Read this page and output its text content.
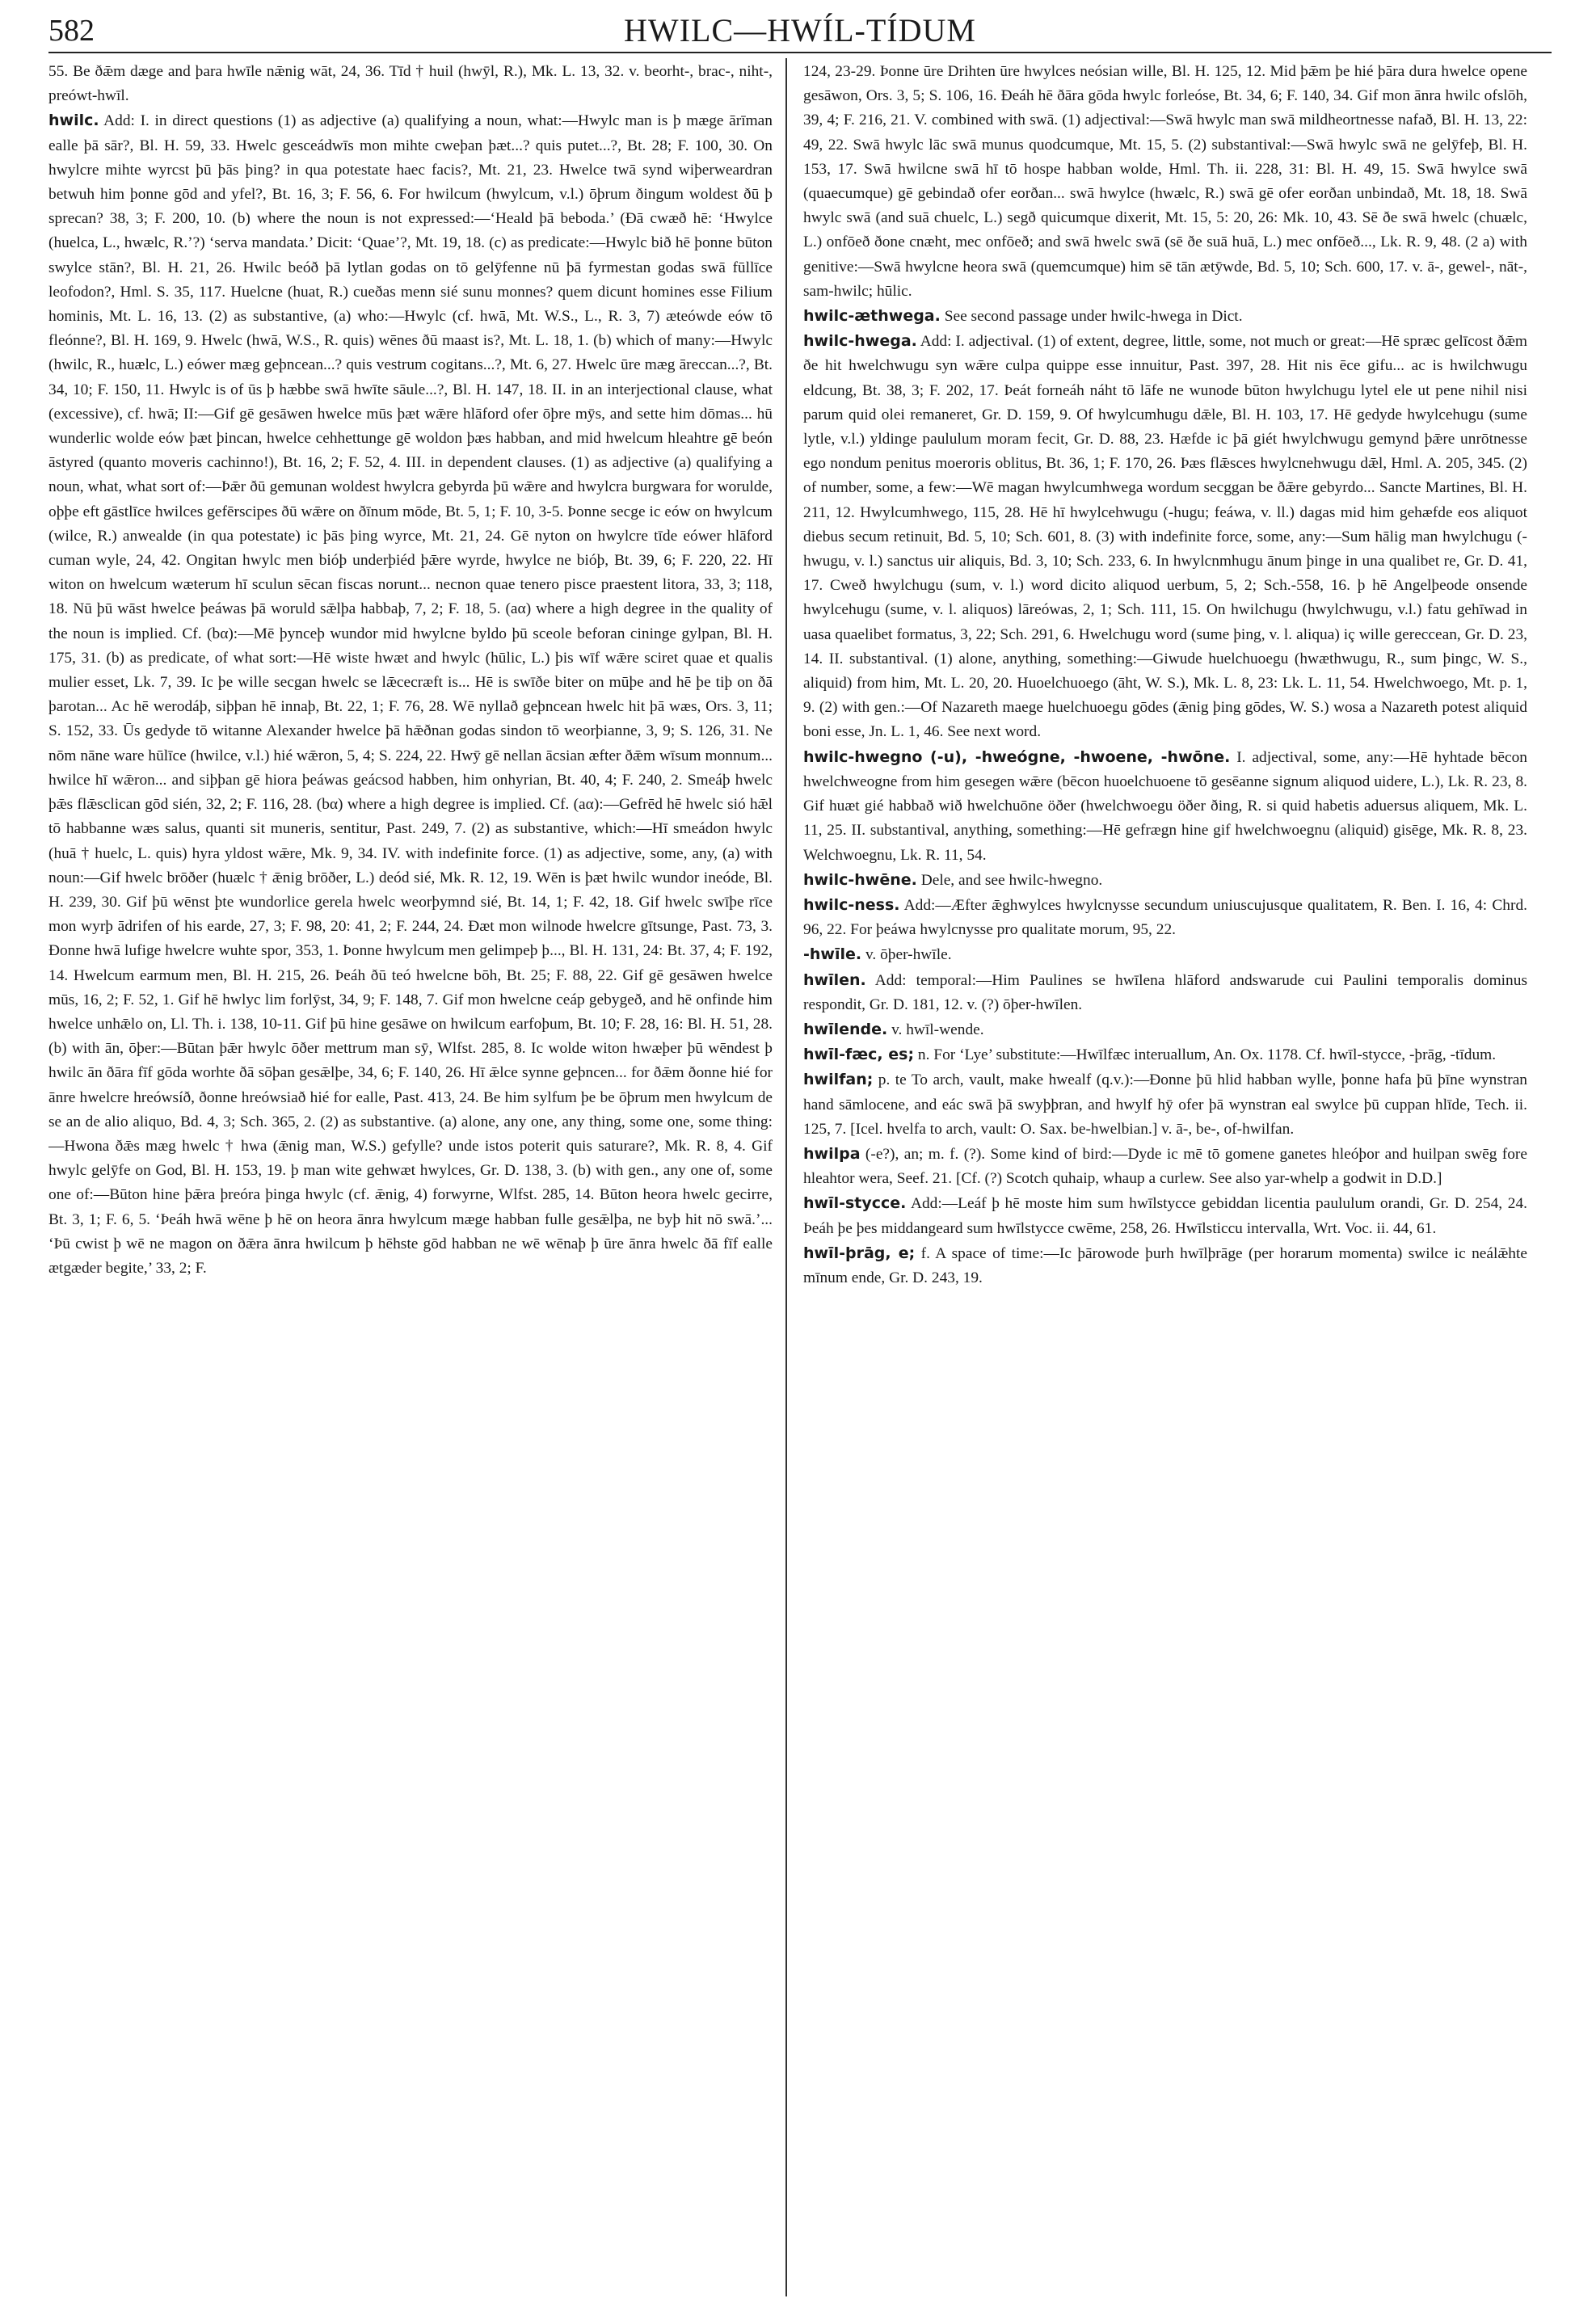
582	HWILC—HWÍL-TÍDUM

55. Be ðǣm dæge and þara hwīle nǣnig wāt, 24, 36. Tīd † huil (hwȳl, R.), Mk. L. 13, 32. v. beorht-, brac-, niht-, preówt-hwīl.

hwilc. Add: I. in direct questions (1) as adjective (a) qualifying a noun, what:—Hwylc man is þ mæge ārīman ealle þā sār?, Bl. H. 59, 33. Hwelc gesceádwīs mon mihte cweþan þæt...? quis putet...?, Bt. 28; F. 100, 30. On hwylcre mihte wyrcst þū þās þing? in qua potestate haec facis?, Mt. 21, 23. Hwelce twā synd wiþerweardran betwuh him þonne gōd and yfel?, Bt. 16, 3; F. 56, 6. For hwilcum (hwylcum, v.l.) ōþrum ðingum woldest ðū þ sprecan? 38, 3; F. 200, 10. (b) where the noun is not expressed:—‘Heald þā beboda.’ (Ðā cwæð hē: ‘Hwylce (huelca, L., hwælc, R.’?) ‘serva mandata.’ Dicit: ‘Quae’?, Mt. 19, 18. (c) as predicate:—Hwylc bið hē þonne būton swylce stān?, Bl. H. 21, 26. Hwilc beóð þā lytlan godas on tō gelȳfenne nū þā fyrmestan godas swā fūllīce leofodon?, Hml. S. 35, 117. Huelcne (huat, R.) cueðas menn sié sunu monnes? quem dicunt homines esse Filium hominis, Mt. L. 16, 13. (2) as substantive, (a) who:—Hwylc (cf. hwā, Mt. W.S., L., R. 3, 7) æteówde eów tō fleónne?, Bl. H. 169, 9. Hwelc (hwā, W.S., R. quis) wēnes ðū maast is?, Mt. L. 18, 1. (b) which of many:—Hwylc (hwilc, R., huælc, L.) eówer mæg geþncean...? quis vestrum cogitans...?, Mt. 6, 27. Hwelc ūre mæg āreccan...?, Bt. 34, 10; F. 150, 11. Hwylc is of ūs þ hæbbe swā hwīte sāule...?, Bl. H. 147, 18. II. in an interjectional clause, what (excessive), cf. hwā; II:—Gif gē gesāwen hwelce mūs þæt wǣre hlāford ofer ōþre mȳs, and sette him dōmas... hū wunderlic wolde eów þæt þincan, hwelce cehhettunge gē woldon þæs habban, and mid hwelcum hleahtre gē beón āstyred (quanto moveris cachinno!), Bt. 16, 2; F. 52, 4. III. in dependent clauses. (1) as adjective (a) qualifying a noun, what, what sort of:—Þǣr ðū gemunan woldest hwylcra gebyrda þū wǣre and hwylcra burgwara for worulde, oþþe eft gāstlīce hwilces gefērscipes ðū wǣre on ðīnum mōde, Bt. 5, 1; F. 10, 3-5. Þonne secge ic eów on hwylcum (wilce, R.) anwealde (in qua potestate) ic þās þing wyrce, Mt. 21, 24. Gē nyton on hwylcre tīde eówer hlāford cuman wyle, 24, 42. Ongitan hwylc men bióþ underþiéd þǣre wyrde, hwylce ne bióþ, Bt. 39, 6; F. 220, 22. Hī witon on hwelcum wæterum hī sculun sēcan fiscas norunt... necnon quae tenero pisce praestent litora, 33, 3; 118, 18. Nū þū wāst hwelce þeáwas þā woruld sǣlþa habbaþ, 7, 2; F. 18, 5. (aα) where a high degree in the quality of the noun is implied. Cf. (bα):—Mē þynceþ wundor mid hwylcne byldo þū sceole beforan cininge gylpan, Bl. H. 175, 31. (b) as predicate, of what sort:—Hē wiste hwæt and hwylc (hūlic, L.) þis wīf wǣre sciret quae et qualis mulier esset, Lk. 7, 39. Ic þe wille secgan hwelc se lǣcecræft is... Hē is swīðe biter on mūþe and hē þe tiþ on ðā þarotan... Ac hē werodáþ, siþþan hē innaþ, Bt. 22, 1; F. 76, 28. Wē nyllað geþncean hwelc hit þā wæs, Ors. 3, 11; S. 152, 33. Ūs gedyde tō witanne Alexander hwelce þā hǣðnan godas sindon tō weorþianne, 3, 9; S. 126, 31. Ne nōm nāne ware hūlīce (hwilce, v.l.) hié wǣron, 5, 4; S. 224, 22. Hwȳ gē nellan ācsian æfter ðǣm wīsum monnum... hwilce hī wǣron... and siþþan gē hiora þeáwas geácsod habben, him onhyrian, Bt. 40, 4; F. 240, 2. Smeáþ hwelc þǣs flǣsclican gōd sién, 32, 2; F. 116, 28. (bα) where a high degree is implied. Cf. (aα):—Gefrēd hē hwelc sió hǣl tō habbanne wæs salus, quanti sit muneris, sentitur, Past. 249, 7. (2) as substantive, which:—Hī smeádon hwylc (huā † huelc, L. quis) hyra yldost wǣre, Mk. 9, 34. IV. with indefinite force. (1) as adjective, some, any, (a) with noun:—Gif hwelc brōðer (huælc † ǣnig brōðer, L.) deód sié, Mk. R. 12, 19. Wēn is þæt hwilc wundor ineóde, Bl. H. 239, 30. Gif þū wēnst þte wundorlice gerela hwelc weorþymnd sié, Bt. 14, 1; F. 42, 18. Gif hwelc swīþe rīce mon wyrþ ādrifen of his earde, 27, 3; F. 98, 20: 41, 2; F. 244, 24. Ðæt mon wilnode hwelcre gītsunge, Past. 73, 3. Ðonne hwā lufige hwelcre wuhte spor, 353, 1. Þonne hwylcum men gelimpeþ þ..., Bl. H. 131, 24: Bt. 37, 4; F. 192, 14. Hwelcum earmum men, Bl. H. 215, 26. Þeáh ðū teó hwelcne bōh, Bt. 25; F. 88, 22. Gif gē gesāwen hwelce mūs, 16, 2; F. 52, 1. Gif hē hwlyc lim forlȳst, 34, 9; F. 148, 7. Gif mon hwelcne ceáp gebygeð, and hē onfinde him hwelce unhǣlo on, Ll. Th. i. 138, 10-11. Gif þū hine gesāwe on hwilcum earfoþum, Bt. 10; F. 28, 16: Bl. H. 51, 28. (b) with ān, ōþer:—Būtan þǣr hwylc ōðer mettrum man sȳ, Wlfst. 285, 8. Ic wolde witon hwæþer þū wēndest þ hwilc ān ðāra fīf gōda worhte ðā sōþan gesǣlþe, 34, 6; F. 140, 26. Hī ǣlce synne geþncen... for ðǣm ðonne hié for ānre hwelcre hreówsíð, ðonne hreówsiað hié for ealle, Past. 413, 24. Be him sylfum þe be ōþrum men hwylcum de se an de alio aliquo, Bd. 4, 3; Sch. 365, 2. (2) as substantive. (a) alone, any one, any thing, some one, some thing:—Hwona ðǣs mæg hwelc † hwa (ǣnig man, W.S.) gefylle? unde istos poterit quis saturare?, Mk. R. 8, 4. Gif hwylc gelȳfe on God, Bl. H. 153, 19. þ man wite gehwæt hwylces, Gr. D. 138, 3. (b) with gen., any one of, some one of:—Būton hine þǣra þreóra þinga hwylc (cf. ǣnig, 4) forwyrne, Wlfst. 285, 14. Būton heora hwelc gecirre, Bt. 3, 1; F. 6, 5. ‘Þeáh hwā wēne þ hē on heora ānra hwylcum mæge habban fulle gesǣlþa, ne byþ hit nō swā.’... ‘Þū cwist þ wē ne magon on ðǣra ānra hwilcum þ hēhste gōd habban ne wē wēnaþ þ ūre ānra hwelc ðā fīf ealle ætgæder begite,’ 33, 2; F.

124, 23-29. Þonne ūre Drihten ūre hwylces neósian wille, Bl. H. 125, 12. Mid þǣm þe hié þāra dura hwelce opene gesāwon, Ors. 3, 5; S. 106, 16. Ðeáh hē ðāra gōda hwylc forleóse, Bt. 34, 6; F. 140, 34. Gif mon ānra hwilc ofslōh, 39, 4; F. 216, 21. V. combined with swā. (1) adjectival:—Swā hwylc man swā mildheortnesse nafað, Bl. H. 13, 22: 49, 22. Swā hwylc lāc swā munus quodcumque, Mt. 15, 5. (2) substantival:—Swā hwylc swā ne gelȳfeþ, Bl. H. 153, 17. Swā hwilcne swā hī tō hospe habban wolde, Hml. Th. ii. 228, 31: Bl. H. 49, 15. Swā hwylce swā (quaecumque) gē gebindað ofer eorðan... swā hwylce (hwælc, R.) swā gē ofer eorðan unbindað, Mt. 18, 18. Swā hwylc swā (and suā chuelc, L.) segð quicumque dixerit, Mt. 15, 5: 20, 26: Mk. 10, 43. Sē ðe swā hwelc (chuælc, L.) onfōeð ðone cnæht, mec onfōeð; and swā hwelc swā (sē ðe suā huā, L.) mec onfōeð..., Lk. R. 9, 48. (2 a) with genitive:—Swā hwylcne heora swā (quemcumque) him sē tān ætȳwde, Bd. 5, 10; Sch. 600, 17. v. ā-, gewel-, nāt-, sam-hwilc; hūlic.

hwilc-æthwega. See second passage under hwilc-hwega in Dict.

hwilc-hwega. Add: I. adjectival. (1) of extent, degree, little, some, not much or great:—Hē spræc gelīcost ðǣm ðe hit hwelchwugu syn wǣre culpa quippe esse innuitur, Past. 397, 28. Hit nis ēce gifu... ac is hwilchwugu eldcung, Bt. 38, 3; F. 202, 17. Þeát forneáh náht tō lāfe ne wunode būton hwylchugu lytel ele ut pene nihil nisi parum quid olei remaneret, Gr. D. 159, 9. Of hwylcumhugu dǣle, Bl. H. 103, 17. Hē gedyde hwylcehugu (sume lytle, v.l.) yldinge paululum moram fecit, Gr. D. 88, 23. Hæfde ic þā giét hwylchwugu gemynd þǣre unrōtnesse ego nondum penitus moeroris oblitus, Bt. 36, 1; F. 170, 26. Þæs flǣsces hwylcnehwugu dǣl, Hml. A. 205, 345. (2) of number, some, a few:—Wē magan hwylcumhwega wordum secggan be ðǣre gebyrdo... Sancte Martines, Bl. H. 211, 12. Hwylcumhwego, 115, 28. Hē hī hwylcehwugu (-hugu; feáwa, v. ll.) dagas mid him gehæfde eos aliquot diebus secum retinuit, Bd. 5, 10; Sch. 601, 8. (3) with indefinite force, some, any:—Sum hālig man hwylchugu (-hwugu, v. l.) sanctus uir aliquis, Bd. 3, 10; Sch. 233, 6. In hwylcnmhugu ānum þinge in una qualibet re, Gr. D. 41, 17. Cweð hwylchugu (sum, v. l.) word dicito aliquod uerbum, 5, 2; Sch.-558, 16. þ hē Angelþeode onsende hwylcehugu (sume, v. l. aliquos) lāreówas, 2, 1; Sch. 111, 15. On hwilchugu (hwylchwugu, v.l.) fatu gehīwad in uasa quaelibet formatus, 3, 22; Sch. 291, 6. Hwelchugu word (sume þing, v. l. aliqua) iç wille gereccean, Gr. D. 23, 14. II. substantival. (1) alone, anything, something:—Giwude huelchuoegu (hwæthwugu, R., sum þingc, W. S., aliquid) from him, Mt. L. 20, 20. Huoelchuoego (āht, W. S.), Mk. L. 8, 23: Lk. L. 11, 54. Hwelchwoego, Mt. p. 1, 9. (2) with gen.:—Of Nazareth maege huelchuoegu gōdes (ǣnig þing gōdes, W. S.) wosa a Nazareth potest aliquid boni esse, Jn. L. 1, 46. See next word.

hwilc-hwegno (-u), -hweógne, -hwoene, -hwōne. I. adjectival, some, any:—Hē hyhtade bēcon hwelchweogne from him gesegen wǣre (bēcon huoelchuoene tō gesēanne signum aliquod uidere, L.), Lk. R. 23, 8. Gif huæt gié habbað wið hwelchuōne öðer (hwelchwoegu öðer ðing, R. si quid habetis aduersus aliquem, Mk. L. 11, 25. II. substantival, anything, something:—Hē gefrægn hine gif hwelchwoegnu (aliquid) gisēge, Mk. R. 8, 23. Welchwoegnu, Lk. R. 11, 54.

hwilc-hwēne. Dele, and see hwilc-hwegno.

hwilc-ness. Add:—Æfter ǣghwylces hwylcnysse secundum uniuscujusque qualitatem, R. Ben. I. 16, 4: Chrd. 96, 22. For þeáwa hwylcnysse pro qualitate morum, 95, 22.

-hwīle. v. ōþer-hwīle.

hwīlen. Add: temporal:—Him Paulines se hwīlena hlāford andswarude cui Paulini temporalis dominus respondit, Gr. D. 181, 12. v. (?) ōþer-hwīlen.

hwīlende. v. hwīl-wende.

hwīl-fæc, es; n. For ‘Lye’ substitute:—Hwīlfæc interuallum, An. Ox. 1178. Cf. hwīl-stycce, -þrāg, -tīdum.

hwilfan; p. te To arch, vault, make hwealf (q.v.):—Ðonne þū hlid habban wylle, þonne hafa þū þīne wynstran hand sāmlocene, and eác swā þā swyþþran, and hwylf hȳ ofer þā wynstran eal swylce þū cuppan hlīde, Tech. ii. 125, 7. [Icel. hvelfa to arch, vault: O. Sax. be-hwelbian.] v. ā-, be-, of-hwilfan.

hwilpa (-e?), an; m. f. (?). Some kind of bird:—Dyde ic mē tō gomene ganetes hleóþor and huilpan swēg fore hleahtor wera, Seef. 21. [Cf. (?) Scotch quhaip, whaup a curlew. See also yar-whelp a godwit in D.D.]

hwīl-stycce. Add:—Leáf þ hē moste him sum hwīlstycce gebiddan licentia paululum orandi, Gr. D. 254, 24. Þeáh þe þes middangeard sum hwīlstycce cwēme, 258, 26. Hwīlsticcu intervalla, Wrt. Voc. ii. 44, 61.

hwīl-þrāg, e; f. A space of time:—Ic þārowode þurh hwīlþrāge (per horarum momenta) swilce ic neálǣhte mīnum ende, Gr. D. 243, 19.
